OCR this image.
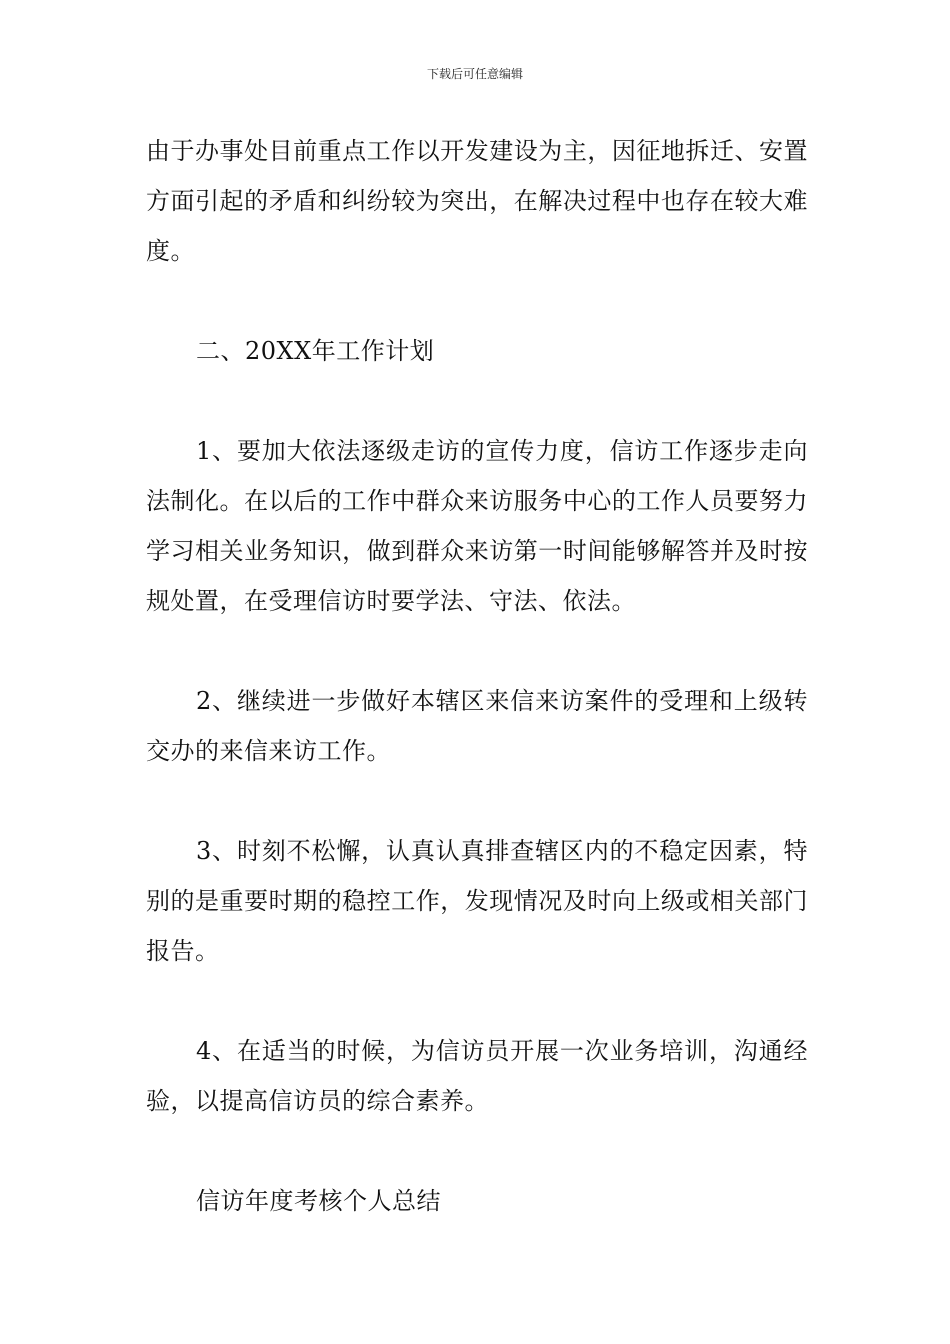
下载后可任意编辑

由于办事处目前重点工作以开发建设为主，因征地拆迁、安置方面引起的矛盾和纠纷较为突出，在解决过程中也存在较大难度。

二、20XX年工作计划

1、要加大依法逐级走访的宣传力度，信访工作逐步走向法制化。在以后的工作中群众来访服务中心的工作人员要努力学习相关业务知识，做到群众来访第一时间能够解答并及时按规处置，在受理信访时要学法、守法、依法。

2、继续进一步做好本辖区来信来访案件的受理和上级转交办的来信来访工作。

3、时刻不松懈，认真认真排查辖区内的不稳定因素，特别的是重要时期的稳控工作，发现情况及时向上级或相关部门报告。

4、在适当的时候，为信访员开展一次业务培训，沟通经验，以提高信访员的综合素养。

信访年度考核个人总结
